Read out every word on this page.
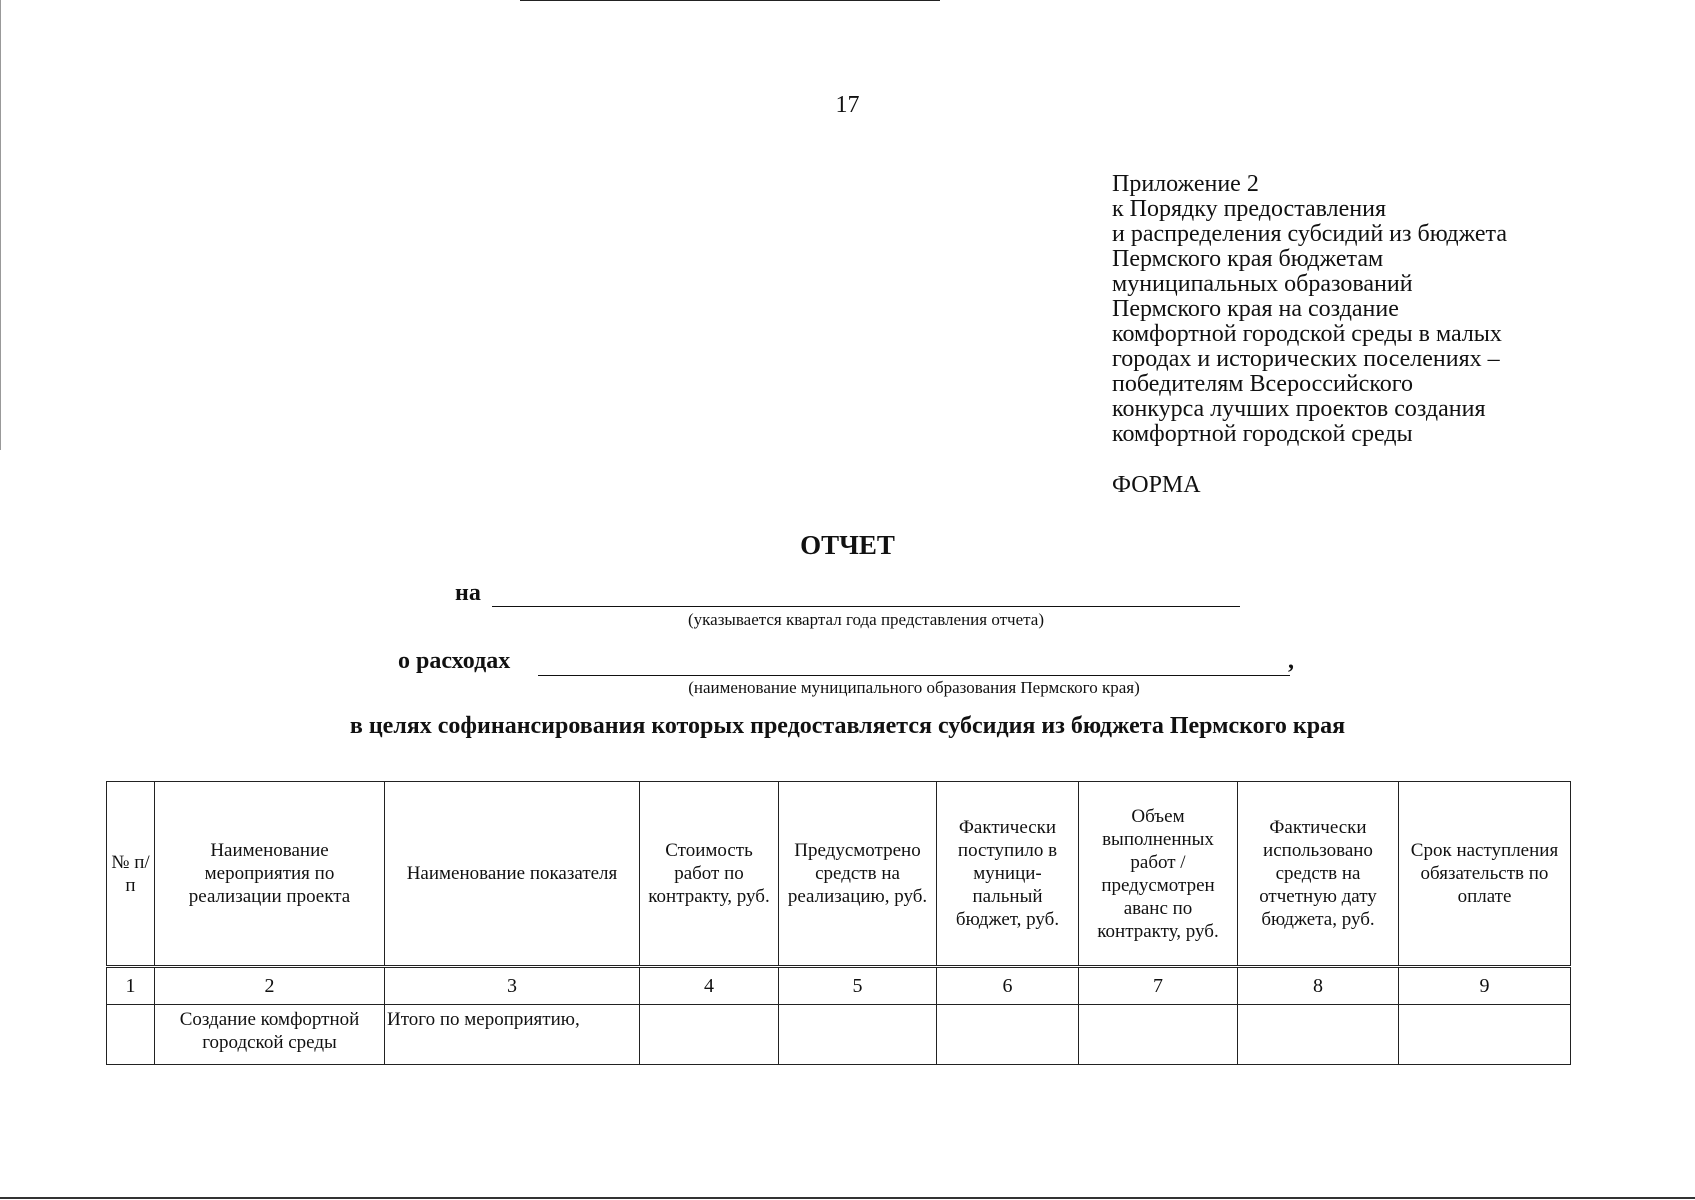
17
Приложение 2
к Порядку предоставления
и распределения субсидий из бюджета
Пермского края бюджетам
муниципальных образований
Пермского края на создание
комфортной городской среды в малых
городах и исторических поселениях –
победителям Всероссийского
конкурса лучших проектов создания
комфортной городской среды
ФОРМА
ОТЧЕТ
на
(указывается квартал года представления отчета)
о расходах	,
(наименование муниципального образования Пермского края)
в целях софинансирования которых предоставляется субсидия из бюджета Пермского края
№ п/п	Наименование мероприятия по реализации проекта	Наименование показателя	Стоимость работ по контракту, руб.	Предусмотрено средств на реализацию, руб.	Фактически поступило в муници-пальный бюджет, руб.	Объем выполненных работ / предусмотрен аванс по контракту, руб.	Фактически использовано средств на отчетную дату бюджета, руб.	Срок наступления обязательств по оплате
1	2	3	4	5	6	7	8	9
	Создание комфортной городской среды	Итого по мероприятию,						
